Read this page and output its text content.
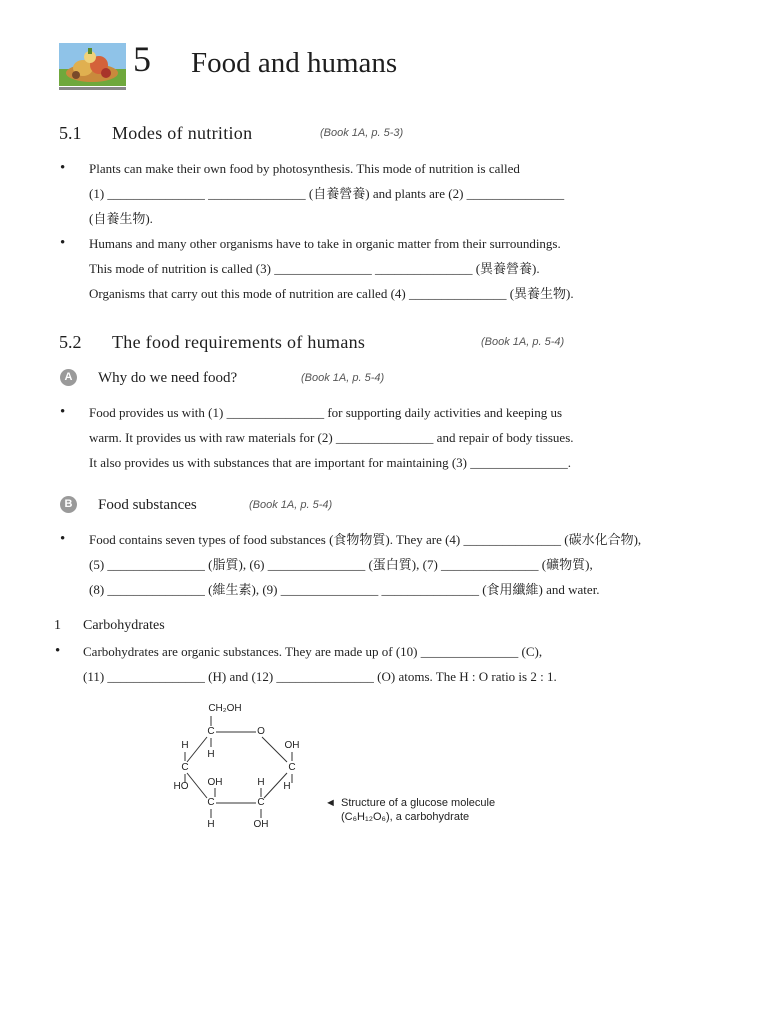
5 Food and humans
5.1 Modes of nutrition	(Book 1A, p. 5-3)
• Plants can make their own food by photosynthesis. This mode of nutrition is called
(1) _______________ _______________ (自養營養) and plants are (2) _______________
(自養生物).
• Humans and many other organisms have to take in organic matter from their surroundings.
This mode of nutrition is called (3) _______________ _______________ (異養營養).
Organisms that carry out this mode of nutrition are called (4) _______________ (異養生物).
5.2 The food requirements of humans	(Book 1A, p. 5-4)
A	Why do we need food?	(Book 1A, p. 5-4)
• Food provides us with (1) _______________ for supporting daily activities and keeping us
warm. It provides us with raw materials for (2) _______________ and repair of body tissues.
It also provides us with substances that are important for maintaining (3) _______________.
B	Food substances	(Book 1A, p. 5-4)
• Food contains seven types of food substances (食物物質). They are (4) _______________ (碳水化合物),
(5) _______________ (脂質), (6) _______________ (蛋白質), (7) _______________ (礦物質),
(8) _______________ (維生素), (9) _______________ _______________ (食用纖維) and water.
1 Carbohydrates
• Carbohydrates are organic substances. They are made up of (10) _______________ (C),
(11) _______________ (H) and (12) _______________ (O) atoms. The H : O ratio is 2 : 1.
CH₂OH
C	O
H
H
OH
C	C
OH	H
HO	H
C	C
H	OH
◄ Structure of a glucose molecule
(C₆H₁₂O₆), a carbohydrate
